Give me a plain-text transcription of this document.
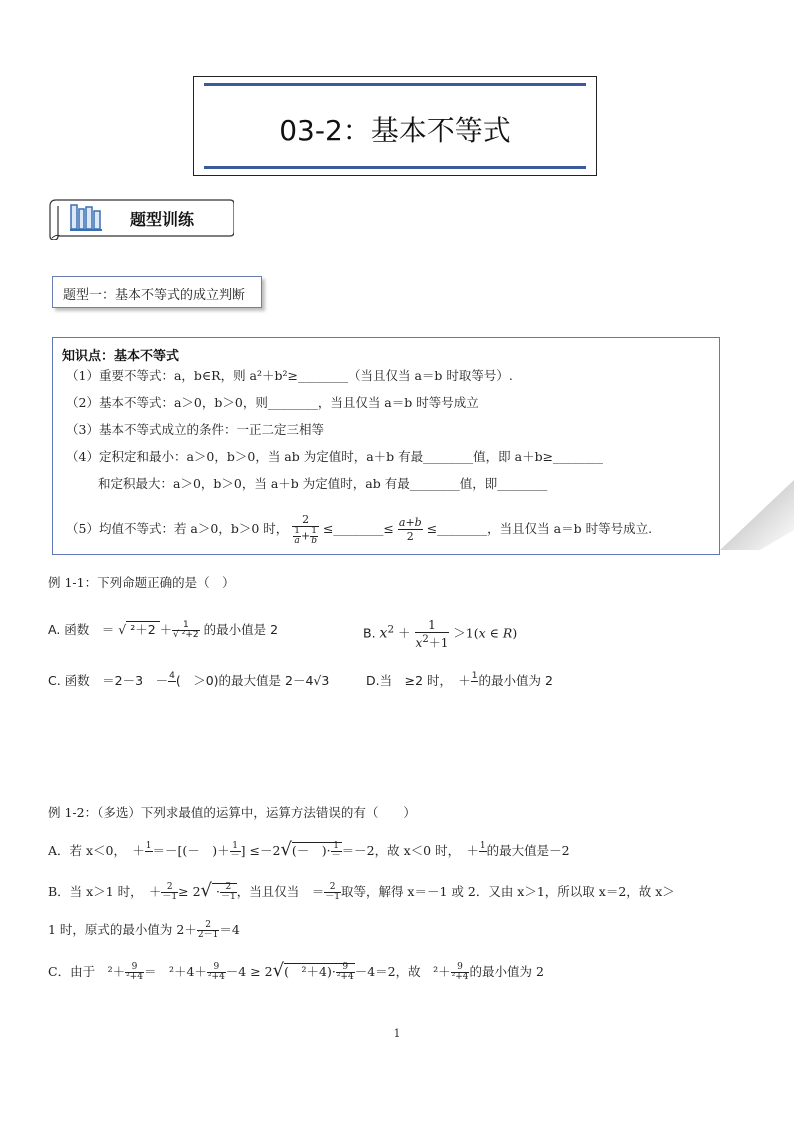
03-2：基本不等式
题型训练
题型一：基本不等式的成立判断
知识点：基本不等式
（1）重要不等式：a，b∈R，则 a²＋b²≥________（当且仅当 a＝b 时取等号）.
（2）基本不等式：a＞0，b＞0，则________，当且仅当 a＝b 时等号成立
（3）基本不等式成立的条件：一正二定三相等
（4）定积定和最小：a＞0，b＞0，当 ab 为定值时，a＋b 有最________值，即 a＋b≥________
和定积最大：a＞0，b＞0，当 a＋b 为定值时，ab 有最________值，即________
（5）均值不等式：若 a＞0，b＞0 时， $\frac{2}{\frac{1}{a} + \frac{1}{b}}$ ≤________≤ $\frac{a+b}{2}$ ≤________，当且仅当 a＝b 时等号成立.
例 1-1：下列命题正确的是（　）
A. 函数　＝ √ $^2+2 + \frac{1}{\text{√ ²+2}}$ 的最小值是 2	B. $x^2 + \frac{1}{x^2+1} >1(x$ ∈ R)
C. 函数　＝2－3　－ 4
(　＞0)的最大值是 2－4√3	D.当　≥2 时，　＋ 1
的最小值为 2
例 1-2：（多选）下列求最值的运算中，运算方法错误的有（　　）
A．若 x＜0，　＋ 1
＝－[(－　)＋ $\frac{1}{-}$ ] ≤－2√(－　)· $\frac{1}{-} =-2$，故 x＜0 时，　＋ 1
的最大值是－2
B．当 x＞1 时，　＋ $\frac{2}{-1} \ge 2√ \cdot \frac{2}{-1}$ ，当且仅当　＝ $\frac{2}{-1}$ 取等，解得 x＝－1 或 2．又由 x＞1，所以取 x＝2，故 x＞
1 时，原式的最小值为 $2+ \frac{2}{2-1} =4$
C．由于　$^2+ \frac{9}{\text{²+4}}$ ＝　$^2+4+ \frac{9}{\text{²+4}} -4 \ge 2√$(　$^2+4)\cdot \frac{9}{\text{²+4}} -4=2$，故　$^2+ \frac{9}{\text{²+4}}$ 的最小值为 2
1
